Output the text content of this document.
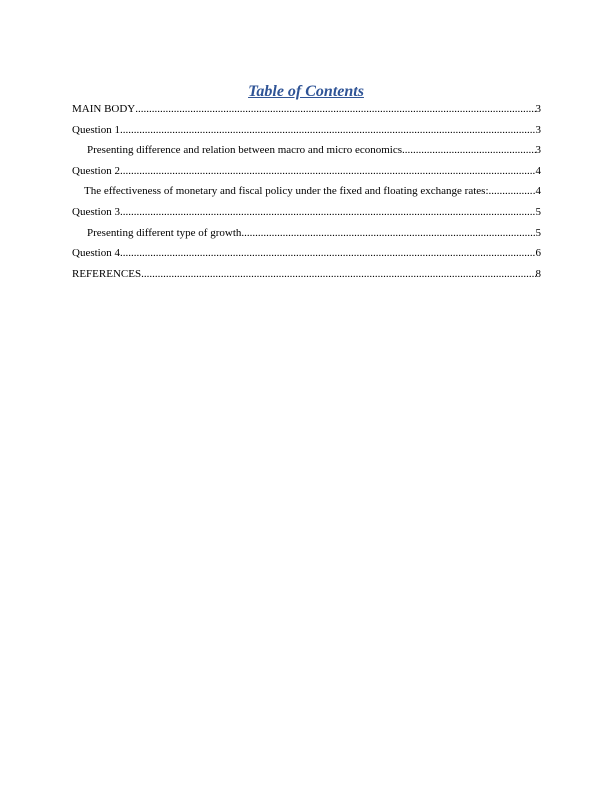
Table of Contents
MAIN BODY .....	3
Question 1 .....	3
Presenting difference and relation between macro and micro economics .....	3
Question 2 .....	4
The effectiveness of monetary and fiscal policy under the fixed and floating exchange rates: .....	.4
Question 3 .....	5
Presenting different type of growth .....	5
Question 4 .....	6
REFERENCES .....	8
